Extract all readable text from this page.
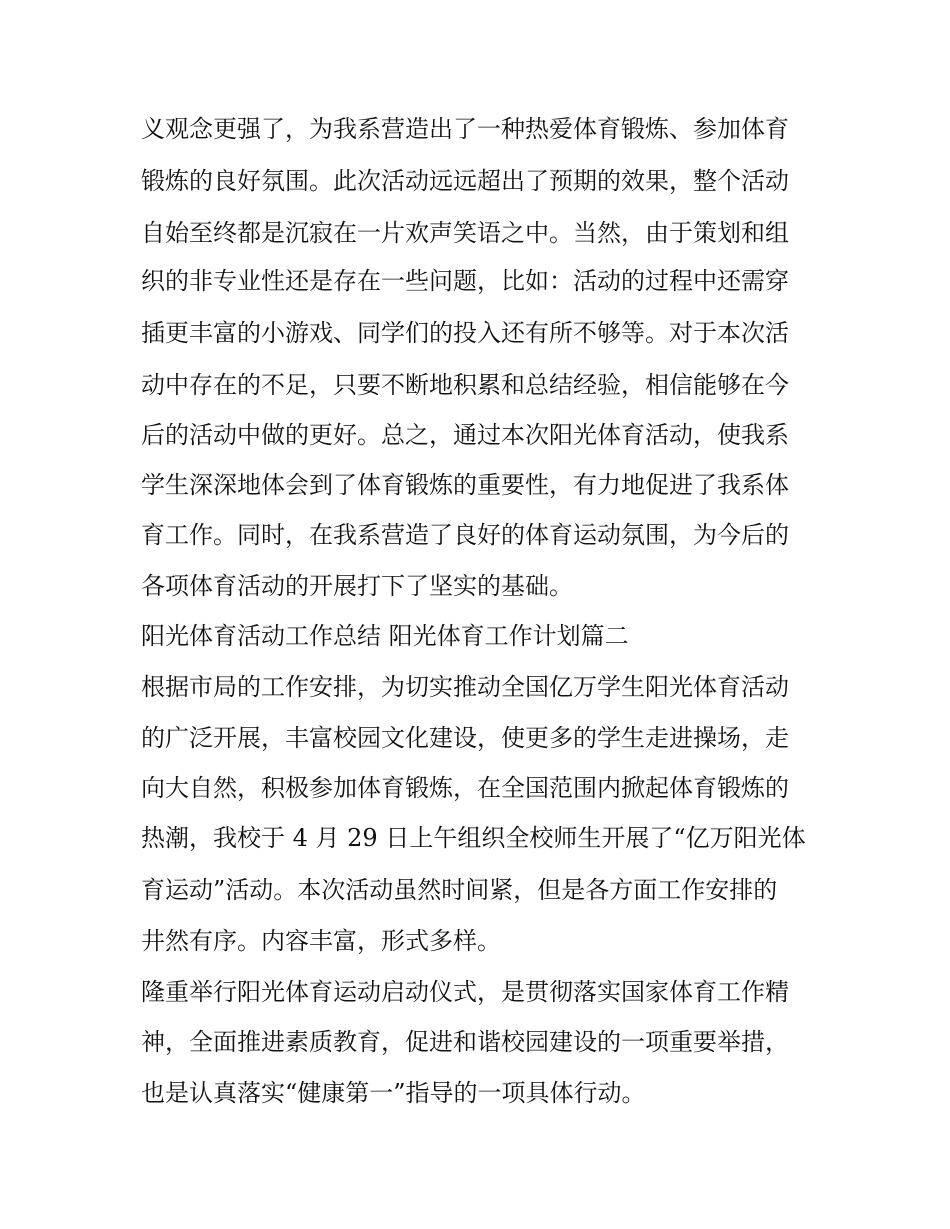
义观念更强了，为我系营造出了一种热爱体育锻炼、参加体育
锻炼的良好氛围。此次活动远远超出了预期的效果，整个活动
自始至终都是沉寂在一片欢声笑语之中。当然，由于策划和组
织的非专业性还是存在一些问题，比如：活动的过程中还需穿
插更丰富的小游戏、同学们的投入还有所不够等。对于本次活
动中存在的不足，只要不断地积累和总结经验，相信能够在今
后的活动中做的更好。总之，通过本次阳光体育活动，使我系
学生深深地体会到了体育锻炼的重要性，有力地促进了我系体
育工作。同时，在我系营造了良好的体育运动氛围，为今后的
各项体育活动的开展打下了坚实的基础。
阳光体育活动工作总结 阳光体育工作计划篇二
根据市局的工作安排，为切实推动全国亿万学生阳光体育活动
的广泛开展，丰富校园文化建设，使更多的学生走进操场，走
向大自然，积极参加体育锻炼，在全国范围内掀起体育锻炼的
热潮，我校于 4 月 29 日上午组织全校师生开展了“亿万阳光体
育运动”活动。本次活动虽然时间紧，但是各方面工作安排的
井然有序。内容丰富，形式多样。
隆重举行阳光体育运动启动仪式，是贯彻落实国家体育工作精
神，全面推进素质教育，促进和谐校园建设的一项重要举措，
也是认真落实“健康第一”指导的一项具体行动。
